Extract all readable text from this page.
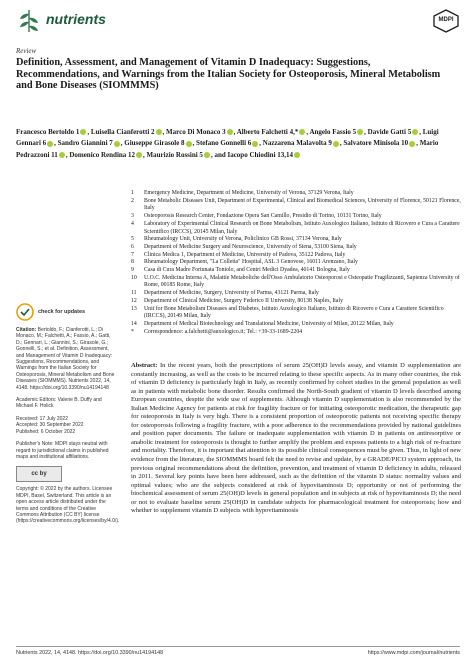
nutrients	MDPI
Review
Definition, Assessment, and Management of Vitamin D Inadequacy: Suggestions, Recommendations, and Warnings from the Italian Society for Osteoporosis, Mineral Metabolism and Bone Diseases (SIOMMMS)
Francesco Bertoldo 1 , Luisella Cianferotti 2 , Marco Di Monaco 3 , Alberto Falchetti 4,* , Angelo Fassio 5 , Davide Gatti 5 , Luigi Gennari 6 , Sandro Giannini 7 , Giuseppe Girasole 8 , Stefano Gonnelli 6 , Nazzarena Malavolta 9 , Salvatore Minisola 10 , Mario Pedrazzoni 11 , Domenico Rendina 12 , Maurizio Rossini 5 , and Iacopo Chiodini 13,14
1	Emergency Medicine, Department of Medicine, University of Verona, 37129 Verona, Italy
2	Bone Metabolic Diseases Unit, Department of Experimental, Clinical and Biomedical Sciences, University of Florence, 50121 Florence, Italy
3	Osteoporosis Research Center, Fondazione Opera San Camillo, Presidio di Torino, 10131 Torino, Italy
4	Laboratory of Experimental Clinical Research on Bone Metabolism, Istituto Auxologico Italiano, Istituto di Ricovero e Cura a Carattere Scientifico (IRCCS), 20145 Milan, Italy
5	Rheumatology Unit, University of Verona, Policlinico GB Rossi, 37134 Verona, Italy
6	Department of Medicine Surgery and Neuroscience, University of Siena, 53100 Siena, Italy
7	Clinica Medica 1, Department of Medicine, University of Padova, 35122 Padova, Italy
8	Rheumatology Department, "La Colletta" Hospital, ASL 3 Genovese, 16011 Arenzano, Italy
9	Casa di Cura Madre Fortunata Toniolo, and Centri Medici Dyadea, 40141 Bologna, Italy
10	U.O.C. Medicina Interna A, Malattie Metaboliche dell'Osso Ambulatorio Osteoporosi e Osteopatie Fragilizzanti, Sapienza University of Rome, 00185 Rome, Italy
11	Department of Medicine, Surgery, University of Parma, 43121 Parma, Italy
12	Department of Clinical Medicine, Surgery Federico II University, 80138 Naples, Italy
13	Unit for Bone Metabolism Diseases and Diabetes, Istituto Auxologico Italiano, Istituto di Ricovero e Cura a Carattere Scientifico (IRCCS), 20149 Milan, Italy
14	Department of Medical Biotechnology and Translational Medicine, University of Milan, 20122 Milan, Italy
*	Correspondence: a.falchetti@auxologico.it; Tel.: +39-33-1689-2204
check for updates
Citation: Bertoldo, F.; Cianferotti, L.; Di Monaco, M.; Falchetti, A.; Fassio, A.; Gatti, D.; Gennari, L.; Giannini, S.; Girasole, G.; Gonnelli, S.; et al. Definition, Assessment, and Management of Vitamin D Inadequacy: Suggestions, Recommendations, and Warnings from the Italian Society for Osteoporosis, Mineral Metabolism and Bone Diseases (SIOMMMS). Nutrients 2022, 14, 4148. https://doi.org/10.3390/nu14194148
Academic Editors: Valerie B. Duffy and Michael F. Holick
Received: 17 July 2022
Accepted: 30 September 2022
Published: 6 October 2022
Publisher's Note: MDPI stays neutral with regard to jurisdictional claims in published maps and institutional affiliations.
cc by
Copyright: © 2022 by the authors. Licensee MDPI, Basel, Switzerland. This article is an open access article distributed under the terms and conditions of the Creative Commons Attribution (CC BY) license (https://creativecommons.org/licenses/by/4.0/).
Abstract: In the recent years, both the prescriptions of serum 25(OH)D levels assay, and vitamin D supplementation are constantly increasing, as well as the costs to be incurred relating to these specific aspects. As in many other countries, the risk of vitamin D deficiency is particularly high in Italy, as recently confirmed by cohort studies in the general population as well as in patients with metabolic bone disorder. Results confirmed the North-South gradient of vitamin D levels described among European countries, despite the wide use of supplements. Although vitamin D supplementation is also recommended by the Italian Medicine Agency for patients at risk for fragility fracture or for initiating osteoporotic medication, the therapeutic gap for osteoporosis in Italy is very high. There is a consistent proportion of osteoporotic patients not receiving specific therapy for osteoporosis following a fragility fracture, with a poor adherence to the recommendations provided by national guidelines and position paper documents. The failure or inadequate supplementation with vitamin D in patients on antiresorptive or anabolic treatment for osteoporosis is thought to further amplify the problem and exposes patients to a high risk of re-fracture and mortality. Therefore, it is important that attention to its possible clinical consequences must be given. Thus, in light of new evidence from the literature, the SIOMMMS board felt the need to revise and update, by a GRADE/PICO system approach, its previous original recommendations about the definition, prevention, and treatment of vitamin D deficiency in adults, released in 2011. Several key points have been here addressed, such as the definition of the vitamin D status: normality values and optimal values; who are the subjects considered at risk of hypovitaminosis D; opportunity or not of performing the biochemical assessment of serum 25(OH)D levels in general population and in subjects at risk of hypovitaminosis D; the need or not to evaluate baseline serum 25(OH)D in candidate subjects for pharmacological treatment for osteoporosis; how and whether to supplement vitamin D subjects with hypovitaminosis
Nutrients 2022, 14, 4148. https://doi.org/10.3390/nu14194148	https://www.mdpi.com/journal/nutrients
